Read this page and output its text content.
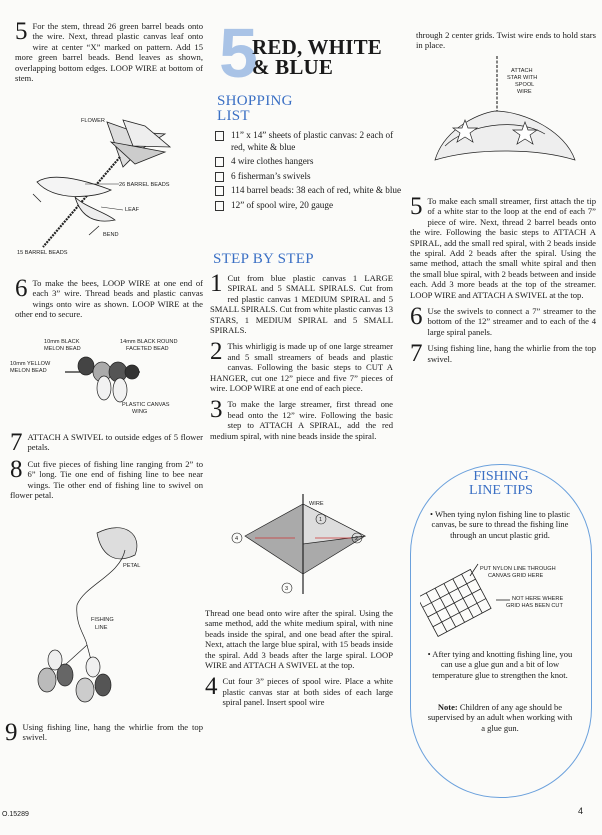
5 For the stem, thread 26 green barrel beads onto the wire. Next, thread plastic canvas leaf onto wire at center “X” marked on pattern. Add 15 more green barrel beads. Bend leaves as shown, overlapping bottom edges. LOOP WIRE at bottom of stem.
FLOWER
26 BARREL BEADS
LEAF
BEND
15 BARREL BEADS
6 To make the bees, LOOP WIRE at one end of each 3” wire. Thread beads and plastic canvas wings onto wire as shown. LOOP WIRE at the other end to secure.
10mm BLACK
MELON BEAD
14mm BLACK ROUND
FACETED BEAD
10mm YELLOW
MELON BEAD
PLASTIC CANVAS
WING
7 ATTACH A SWIVEL to outside edges of 5 flower petals.
8 Cut five pieces of fishing line ranging from 2” to 6” long. Tie one end of fishing line to bee near wings. Tie other end of fishing line to swivel on flower petal.
PETAL
FISHING
LINE
9 Using fishing line, hang the whirlie from the top swivel.
O.15289
5
RED, WHITE
& BLUE
SHOPPING
LIST
11” x 14” sheets of plastic canvas: 2 each of red, white & blue
4 wire clothes hangers
6 fisherman’s swivels
114 barrel beads: 38 each of red, white & blue
12” of spool wire, 20 gauge
STEP BY STEP
1 Cut from blue plastic canvas 1 LARGE SPIRAL and 5 SMALL SPIRALS. Cut from red plastic canvas 1 MEDIUM SPIRAL and 5 SMALL SPIRALS. Cut from white plastic canvas 13 STARS, 1 MEDIUM SPIRAL and 5 SMALL SPIRALS.
2 This whirligig is made up of one large streamer and 5 small streamers of beads and plastic canvas. Following the basic steps to CUT A HANGER, cut one 12” piece and five 7” pieces of wire. LOOP WIRE at one end of each piece.
3 To make the large streamer, first thread one bead onto the 12” wire. Following the basic step to ATTACH A SPIRAL, add the red medium spiral, with nine beads inside the spiral.
WIRE
1
2
3
4
Thread one bead onto wire after the spiral. Using the same method, add the white medium spiral, with nine beads inside the spiral, and one bead after the spiral. Next, attach the large blue spiral, with 15 beads inside the spiral. Add 3 beads after the large spiral. LOOP WIRE and ATTACH A SWIVEL at the top.
4 Cut four 3” pieces of spool wire. Place a white plastic canvas star at both sides of each large spiral panel. Insert spool wire
through 2 center grids. Twist wire ends to hold stars in place.
ATTACH
STAR WITH
SPOOL
WIRE
5 To make each small streamer, first attach the tip of a white star to the loop at the end of each 7” piece of wire. Next, thread 2 barrel beads onto the wire. Following the basic steps to ATTACH A SPIRAL, add the small red spiral, with 2 beads inside the spiral. Add 2 beads after the spiral. Using the same method, attach the small white spiral and then the small blue spiral, with 2 beads between and inside each. Add 3 more beads at the top of the streamer. LOOP WIRE and ATTACH A SWIVEL at the top.
6 Use the swivels to connect a 7” streamer to the bottom of the 12” streamer and to each of the 4 large spiral panels.
7 Using fishing line, hang the whirlie from the top swivel.
FISHING
LINE TIPS
• When tying nylon fishing line to plastic canvas, be sure to thread the fishing line through an uncut plastic grid.
PUT NYLON LINE THROUGH
CANVAS GRID HERE
NOT HERE WHERE
GRID HAS BEEN CUT
• After tying and knotting fishing line, you can use a glue gun and a bit of low temperature glue to strengthen the knot.
Note: Children of any age should be supervised by an adult when working with a glue gun.
4
